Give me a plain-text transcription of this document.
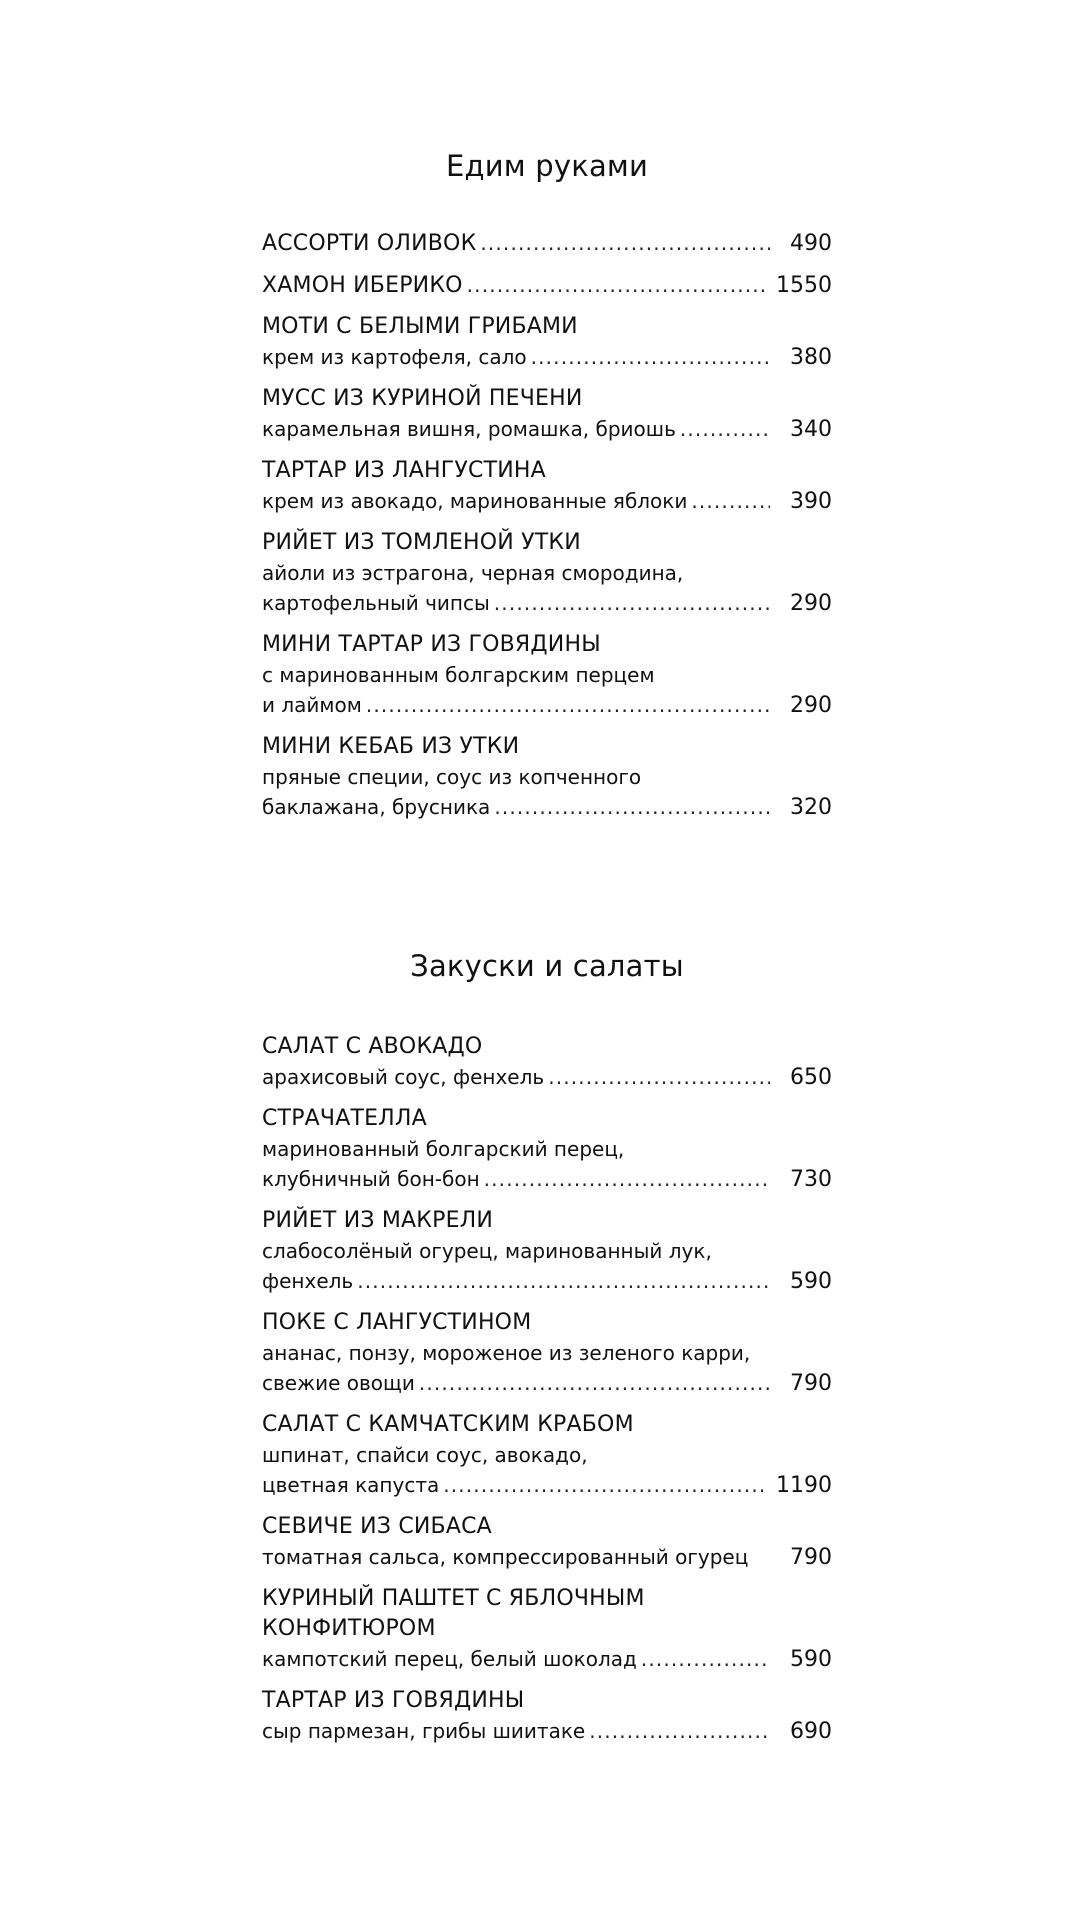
Едим руками
АССОРТИ ОЛИВОК . . .	490
ХАМОН ИБЕРИКО . . .	1550
МОТИ С БЕЛЫМИ ГРИБАМИ
крем из картофеля, сало . . .	380
МУСС ИЗ КУРИНОЙ ПЕЧЕНИ
карамельная вишня, ромашка, бриошь . . .	340
ТАРТАР ИЗ ЛАНГУСТИНА
крем из авокадо, маринованные яблоки . . .	390
РИЙЕТ ИЗ ТОМЛЕНОЙ УТКИ
айоли из эстрагона, черная смородина,
картофельный чипсы . . .	290
МИНИ ТАРТАР ИЗ ГОВЯДИНЫ
с маринованным болгарским перцем
и лаймом . . .	290
МИНИ КЕБАБ ИЗ УТКИ
пряные специи, соус из копченного
баклажана, брусника . . .	320
Закуски и салаты
САЛАТ С АВОКАДО
арахисовый соус, фенхель . . .	650
СТРАЧАТЕЛЛА
маринованный болгарский перец,
клубничный бон-бон . . .	730
РИЙЕТ ИЗ МАКРЕЛИ
слабосолёный огурец, маринованный лук,
фенхель . . .	590
ПОКЕ С ЛАНГУСТИНОМ
ананас, понзу, мороженое из зеленого карри,
свежие овощи . . .	790
САЛАТ С КАМЧАТСКИМ КРАБОМ
шпинат, спайси соус, авокадо,
цветная капуста . . .	1190
СЕВИЧЕ ИЗ СИБАСА
томатная сальса, компрессированный огурец	790
КУРИНЫЙ ПАШТЕТ С ЯБЛОЧНЫМ
КОНФИТЮРОМ
кампотский перец, белый шоколад . . .	590
ТАРТАР ИЗ ГОВЯДИНЫ
сыр пармезан, грибы шиитаке . . .	690
